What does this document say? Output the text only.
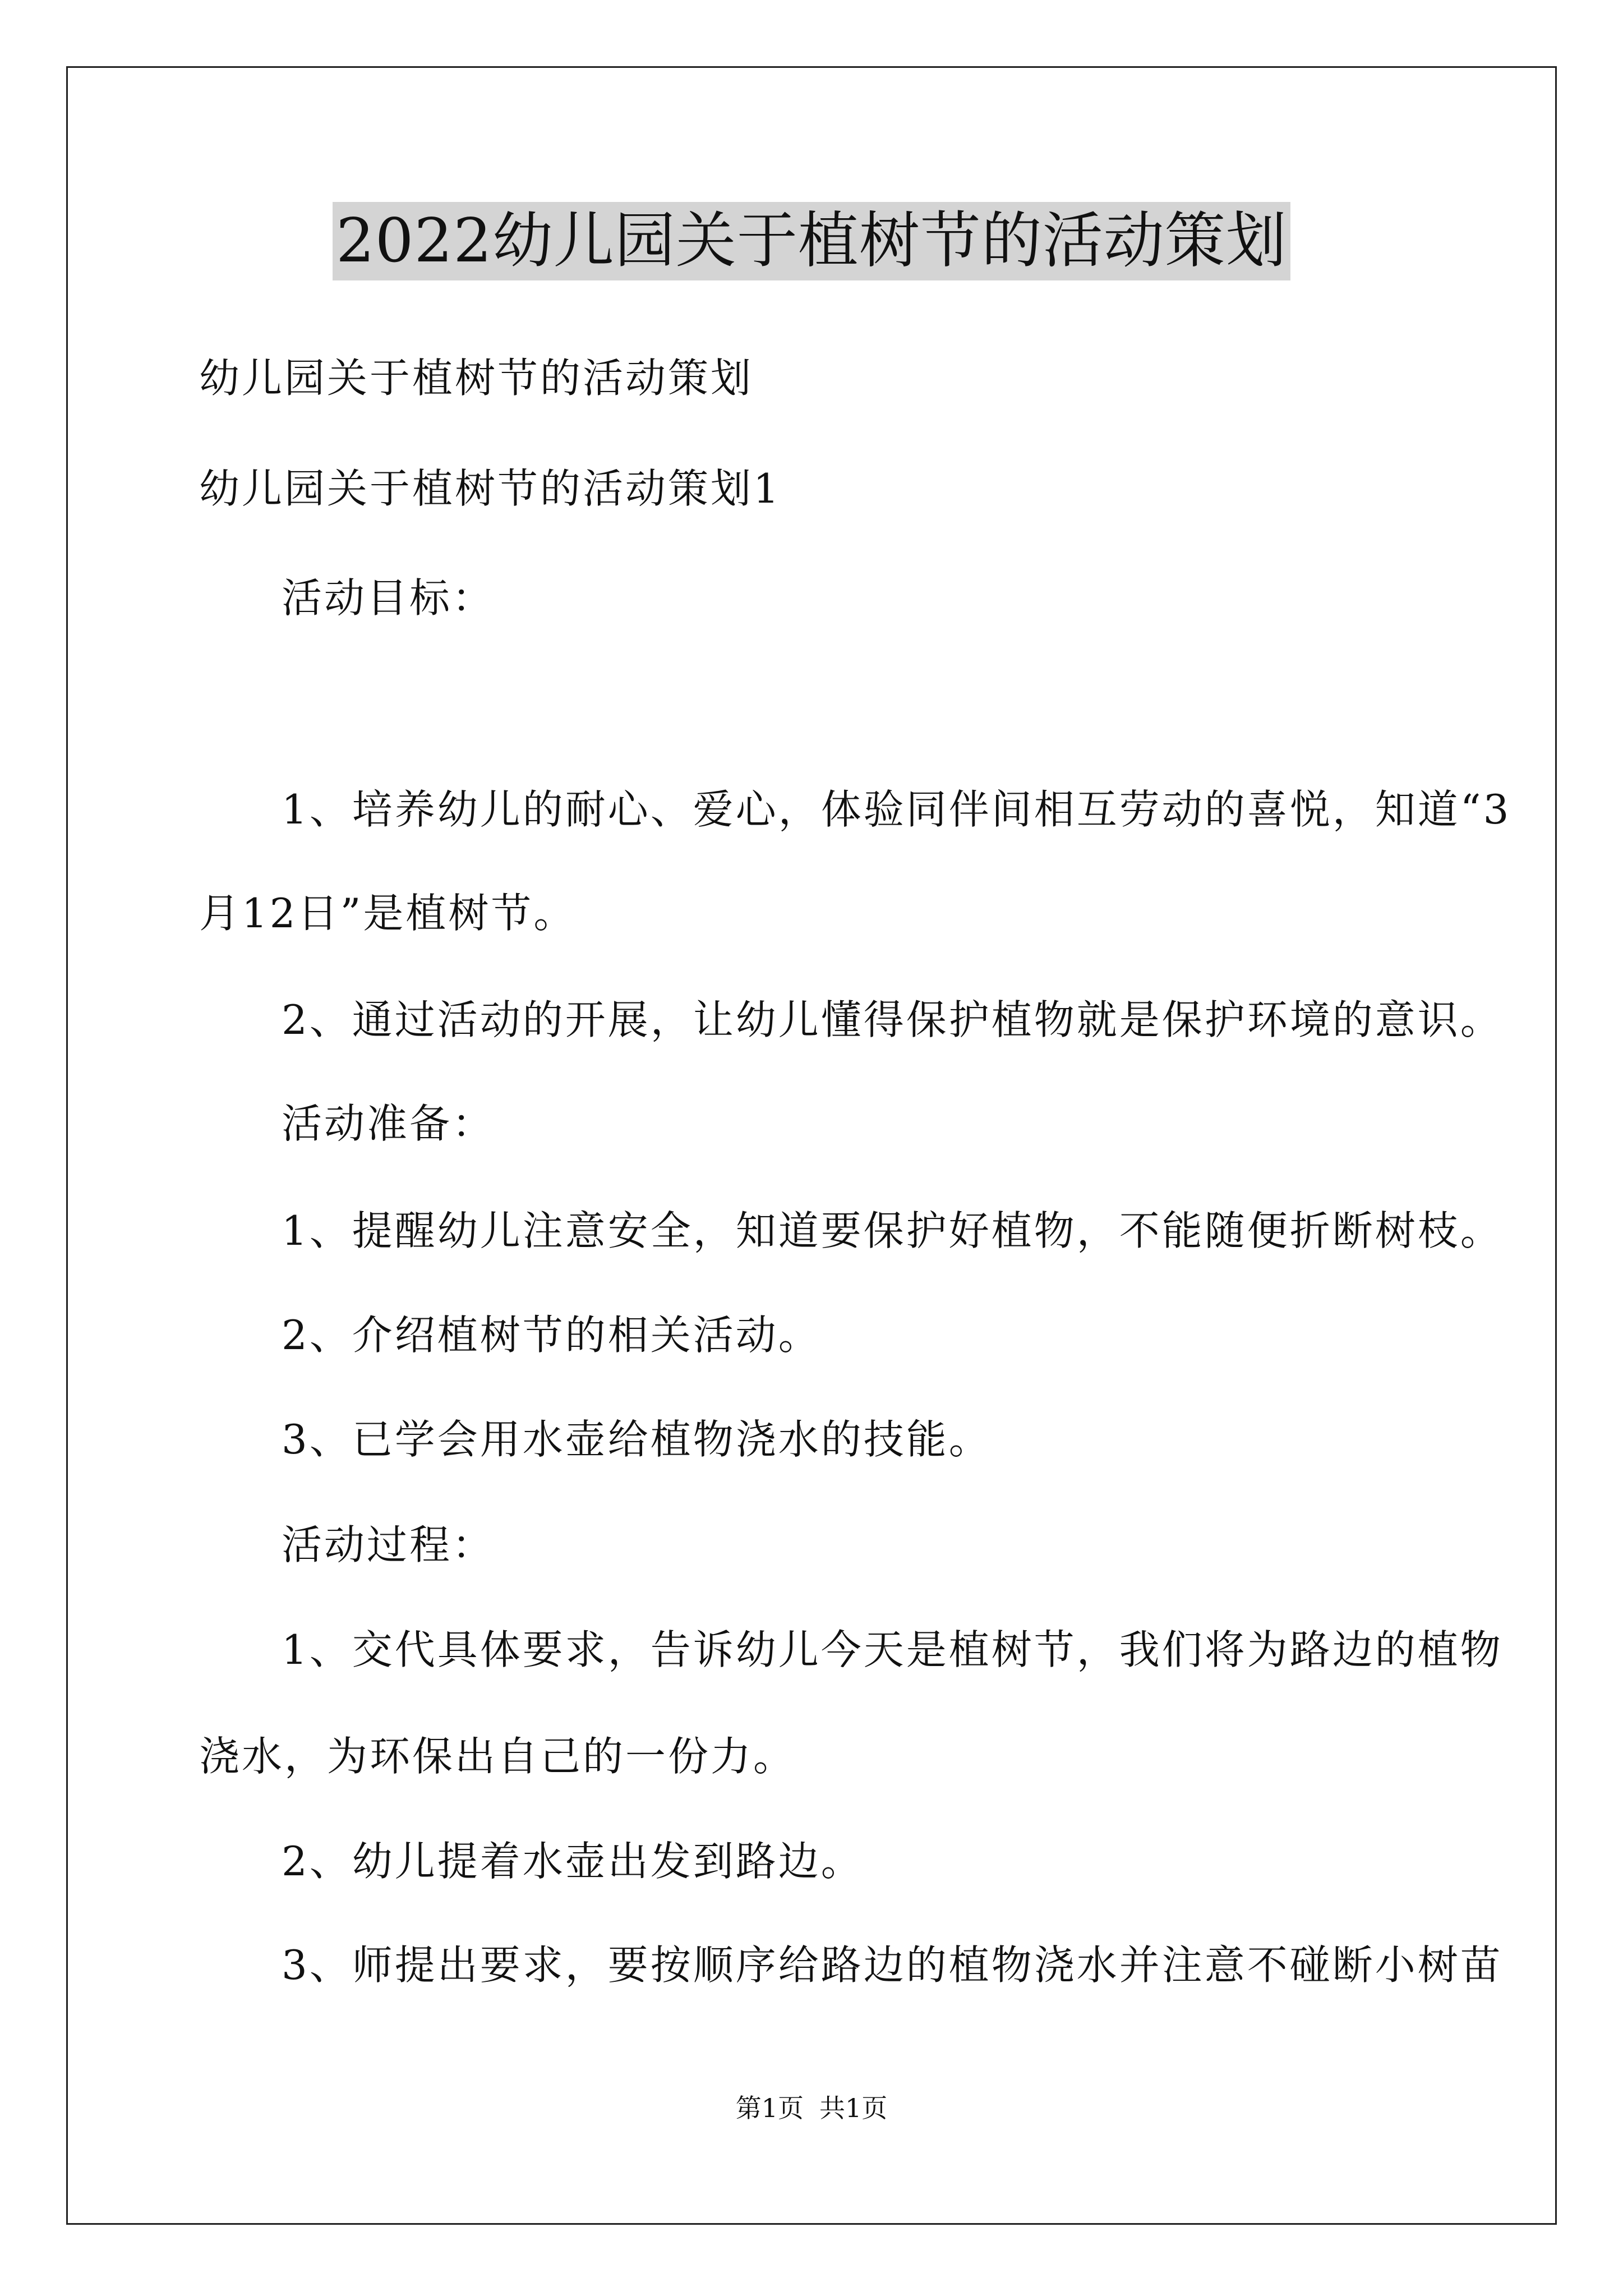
2022幼儿园关于植树节的活动策划
幼儿园关于植树节的活动策划
幼儿园关于植树节的活动策划1
活动目标：
1、培养幼儿的耐心、爱心，体验同伴间相互劳动的喜悦，知道“3
月12日”是植树节。
2、通过活动的开展，让幼儿懂得保护植物就是保护环境的意识。
活动准备：
1、提醒幼儿注意安全，知道要保护好植物，不能随便折断树枝。
2、介绍植树节的相关活动。
3、已学会用水壶给植物浇水的技能。
活动过程：
1、交代具体要求，告诉幼儿今天是植树节，我们将为路边的植物
浇水，为环保出自己的一份力。
2、幼儿提着水壶出发到路边。
3、师提出要求，要按顺序给路边的植物浇水并注意不碰断小树苗
第1页 共1页
